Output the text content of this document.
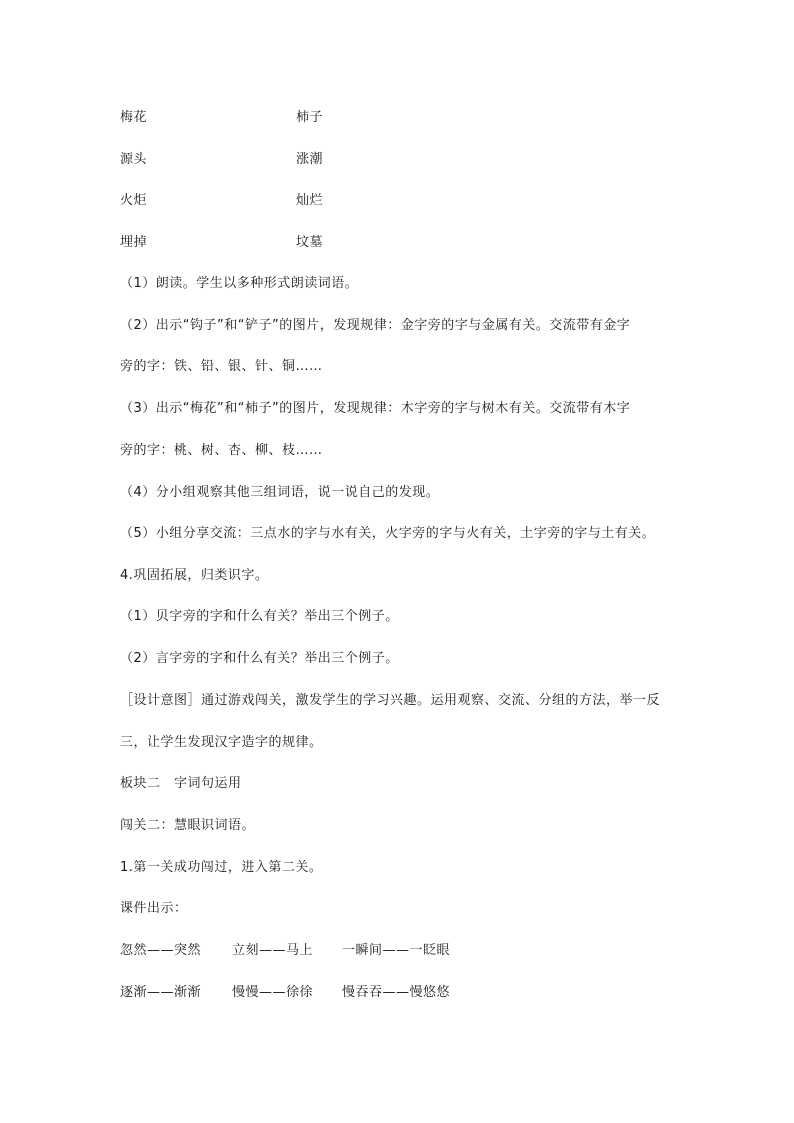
梅花	柿子
源头	涨潮
火炬	灿烂
埋掉	坟墓
（1）朗读。学生以多种形式朗读词语。
（2）出示“钩子”和“铲子”的图片，发现规律：金字旁的字与金属有关。交流带有金字
旁的字：铁、铅、银、针、铜……
（3）出示“梅花”和“柿子”的图片，发现规律：木字旁的字与树木有关。交流带有木字
旁的字：桃、树、杏、柳、枝……
（4）分小组观察其他三组词语，说一说自己的发现。
（5）小组分享交流：三点水的字与水有关，火字旁的字与火有关，土字旁的字与土有关。
4.巩固拓展，归类识字。
（1）贝字旁的字和什么有关？举出三个例子。
（2）言字旁的字和什么有关？举出三个例子。
［设计意图］通过游戏闯关，激发学生的学习兴趣。运用观察、交流、分组的方法，举一反
三，让学生发现汉字造字的规律。
板块二　字词句运用
闯关二：慧眼识词语。
1.第一关成功闯过，进入第二关。
课件出示：
忽然——突然 立刻——马上 一瞬间——一眨眼
逐渐——渐渐 慢慢——徐徐 慢吞吞——慢悠悠
